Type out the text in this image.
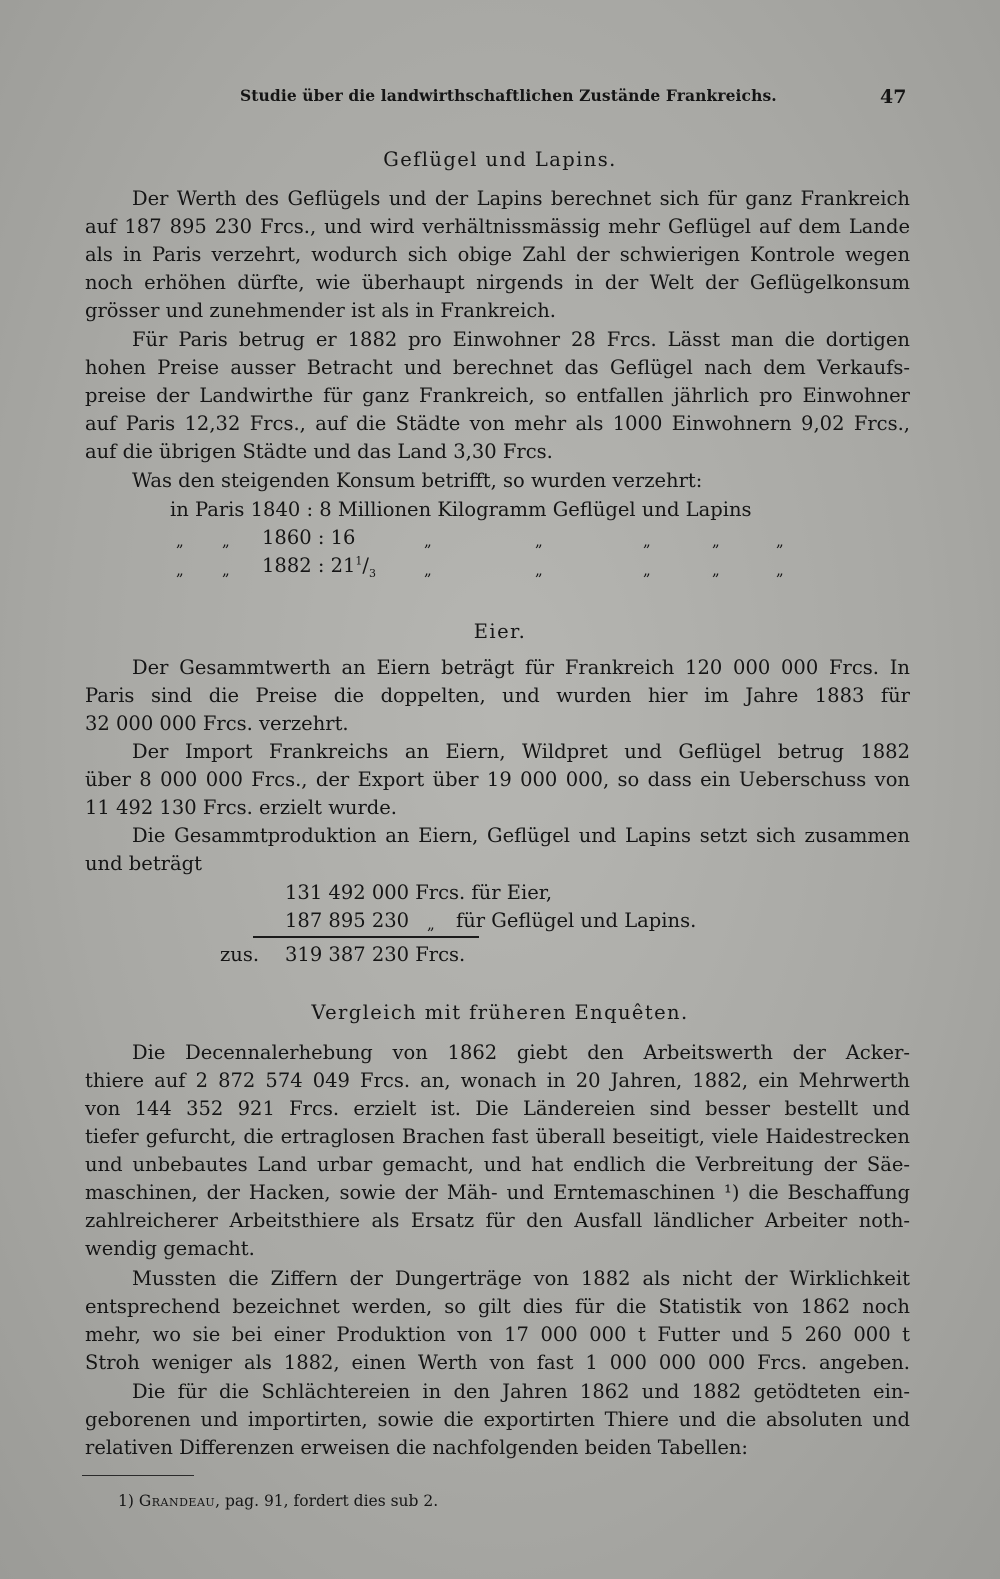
Studie über die landwirthschaftlichen Zustände Frankreichs.	47
Geflügel und Lapins.
Der Werth des Geflügels und der Lapins berechnet sich für ganz Frankreich
auf 187 895 230 Frcs., und wird verhältnissmässig mehr Geflügel auf dem Lande
als in Paris verzehrt, wodurch sich obige Zahl der schwierigen Kontrole wegen
noch erhöhen dürfte, wie überhaupt nirgends in der Welt der Geflügelkonsum
grösser und zunehmender ist als in Frankreich.
Für Paris betrug er 1882 pro Einwohner 28 Frcs. Lässt man die dortigen
hohen Preise ausser Betracht und berechnet das Geflügel nach dem Verkaufs-
preise der Landwirthe für ganz Frankreich, so entfallen jährlich pro Einwohner
auf Paris 12,32 Frcs., auf die Städte von mehr als 1000 Einwohnern 9,02 Frcs.,
auf die übrigen Städte und das Land 3,30 Frcs.
Was den steigenden Konsum betrifft, so wurden verzehrt:
in Paris 1840 : 8 Millionen Kilogramm Geflügel und Lapins
„	„ 1860 : 16	„	„	„	„	„
„	„ 1882 : $21^1/_3$	„	„	„	„	„
Eier.
Der Gesammtwerth an Eiern beträgt für Frankreich 120 000 000 Frcs. In
Paris sind die Preise die doppelten, und wurden hier im Jahre 1883 für
32 000 000 Frcs. verzehrt.
Der Import Frankreichs an Eiern, Wildpret und Geflügel betrug 1882
über 8 000 000 Frcs., der Export über 19 000 000, so dass ein Ueberschuss von
11 492 130 Frcs. erzielt wurde.
Die Gesammtproduktion an Eiern, Geflügel und Lapins setzt sich zusammen
und beträgt
131 492 000 Frcs. für Eier,
187 895 230 „ für Geflügel und Lapins.
zus. 319 387 230 Frcs.
Vergleich mit früheren Enquêten.
Die Decennalerhebung von 1862 giebt den Arbeitswerth der Acker-
thiere auf 2 872 574 049 Frcs. an, wonach in 20 Jahren, 1882, ein Mehrwerth
von 144 352 921 Frcs. erzielt ist. Die Ländereien sind besser bestellt und
tiefer gefurcht, die ertraglosen Brachen fast überall beseitigt, viele Haidestrecken
und unbebautes Land urbar gemacht, und hat endlich die Verbreitung der Säe-
maschinen, der Hacken, sowie der Mäh- und Erntemaschinen ¹) die Beschaffung
zahlreicherer Arbeitsthiere als Ersatz für den Ausfall ländlicher Arbeiter noth-
wendig gemacht.
Mussten die Ziffern der Dungerträge von 1882 als nicht der Wirklichkeit
entsprechend bezeichnet werden, so gilt dies für die Statistik von 1862 noch
mehr, wo sie bei einer Produktion von 17 000 000 t Futter und 5 260 000 t
Stroh weniger als 1882, einen Werth von fast 1 000 000 000 Frcs. angeben.
Die für die Schlächtereien in den Jahren 1862 und 1882 getödteten ein-
geborenen und importirten, sowie die exportirten Thiere und die absoluten und
relativen Differenzen erweisen die nachfolgenden beiden Tabellen:
1) Grandeau, pag. 91, fordert dies sub 2.
